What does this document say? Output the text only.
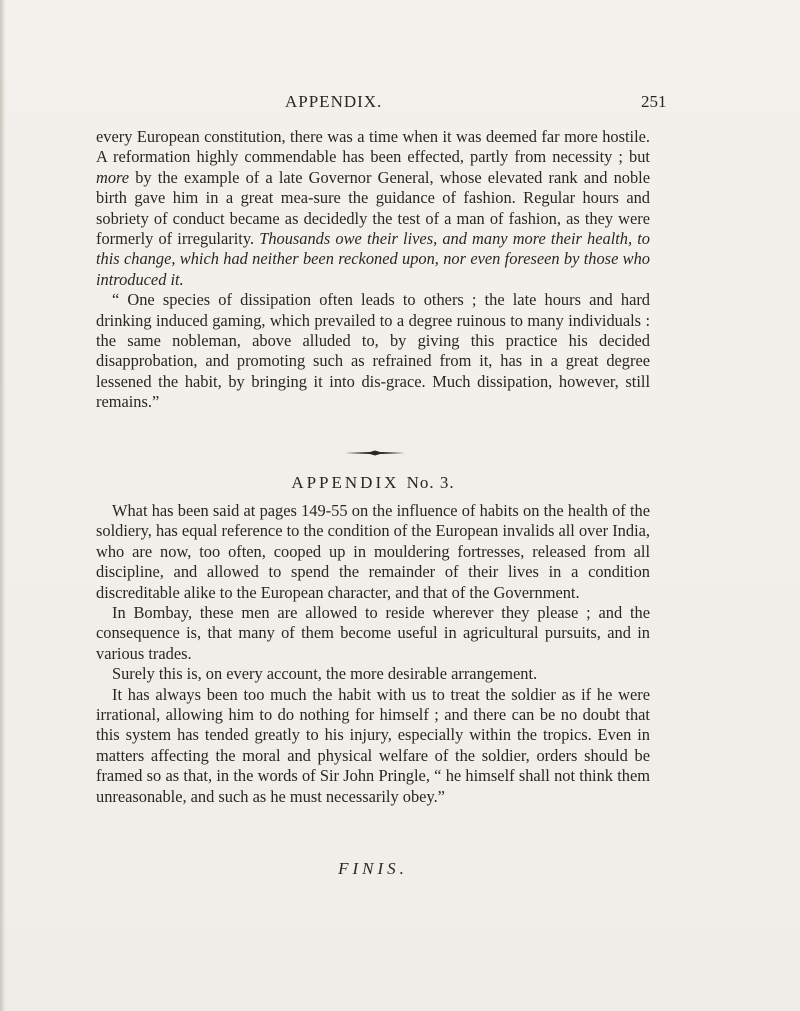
APPENDIX.	251

every European constitution, there was a time when it was deemed far more hostile. A reformation highly commendable has been effected, partly from necessity ; but more by the example of a late Governor General, whose elevated rank and noble birth gave him in a great mea-sure the guidance of fashion. Regular hours and sobriety of conduct became as decidedly the test of a man of fashion, as they were formerly of irregularity. Thousands owe their lives, and many more their health, to this change, which had neither been reckoned upon, nor even foreseen by those who introduced it.

“ One species of dissipation often leads to others ; the late hours and hard drinking induced gaming, which prevailed to a degree ruinous to many individuals : the same nobleman, above alluded to, by giving this practice his decided disapprobation, and promoting such as refrained from it, has in a great degree lessened the habit, by bringing it into dis-grace. Much dissipation, however, still remains.”

APPENDIX No. 3.

What has been said at pages 149-55 on the influence of habits on the health of the soldiery, has equal reference to the condition of the European invalids all over India, who are now, too often, cooped up in mouldering fortresses, released from all discipline, and allowed to spend the remainder of their lives in a condition discreditable alike to the European character, and that of the Government.

In Bombay, these men are allowed to reside wherever they please ; and the consequence is, that many of them become useful in agricultural pursuits, and in various trades.

Surely this is, on every account, the more desirable arrangement.

It has always been too much the habit with us to treat the soldier as if he were irrational, allowing him to do nothing for himself ; and there can be no doubt that this system has tended greatly to his injury, especially within the tropics. Even in matters affecting the moral and physical welfare of the soldier, orders should be framed so as that, in the words of Sir John Pringle, “ he himself shall not think them unreasonable, and such as he must necessarily obey.”

FINIS.
